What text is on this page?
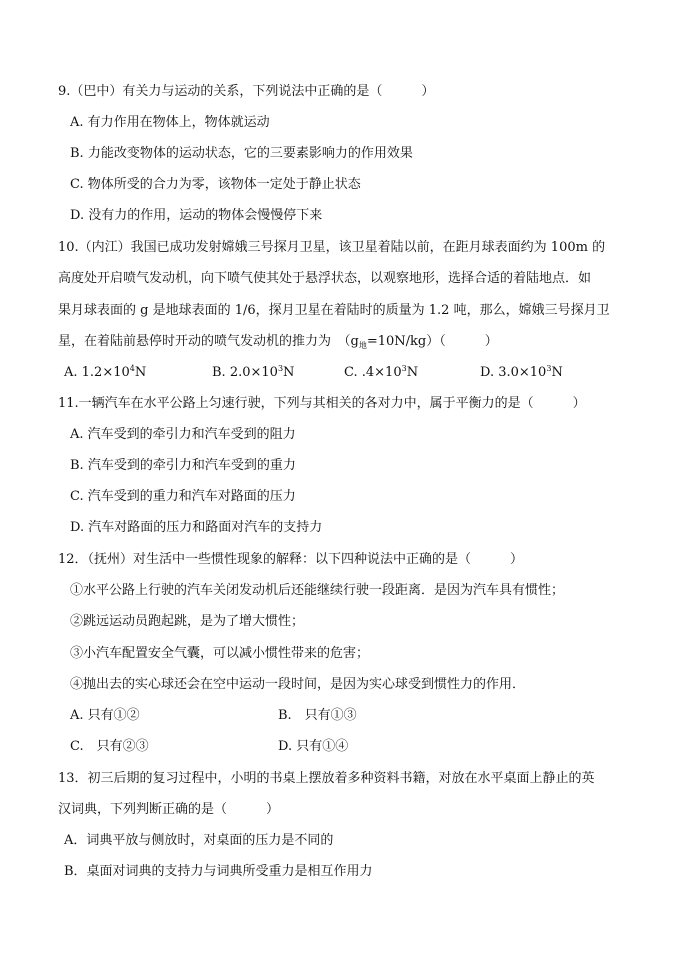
9.（巴中）有关力与运动的关系，下列说法中正确的是（　　　）
A. 有力作用在物体上，物体就运动
B. 力能改变物体的运动状态，它的三要素影响力的作用效果
C. 物体所受的合力为零，该物体一定处于静止状态
D. 没有力的作用，运动的物体会慢慢停下来
10.（内江）我国已成功发射嫦娥三号探月卫星，该卫星着陆以前，在距月球表面约为 100m 的
高度处开启喷气发动机，向下喷气使其处于悬浮状态，以观察地形，选择合适的着陆地点．如
果月球表面的 g 是地球表面的 1/6，探月卫星在着陆时的质量为 1.2 吨，那么，嫦娥三号探月卫
星，在着陆前悬停时开动的喷气发动机的推力为　$(g_地=10N/kg)$（　　　）
A. $1.2\times 10^4N$	B. $2.0\times 10^3N$	C. $.4\times 10^3N$	D. $3.0\times 10^3N$
11.一辆汽车在水平公路上匀速行驶，下列与其相关的各对力中，属于平衡力的是（　　　）
A. 汽车受到的牵引力和汽车受到的阻力
B. 汽车受到的牵引力和汽车受到的重力
C. 汽车受到的重力和汽车对路面的压力
D. 汽车对路面的压力和路面对汽车的支持力
12．（抚州）对生活中一些惯性现象的解释：以下四种说法中正确的是（　　　）
①水平公路上行驶的汽车关闭发动机后还能继续行驶一段距离．是因为汽车具有惯性；
②跳远运动员跑起跳，是为了增大惯性；
③小汽车配置安全气囊，可以减小惯性带来的危害；
④抛出去的实心球还会在空中运动一段时间，是因为实心球受到惯性力的作用．
A. 只有①②	B.　只有①③
C.　只有②③	D. 只有①④
13．初三后期的复习过程中，小明的书桌上摆放着多种资料书籍，对放在水平桌面上静止的英
汉词典，下列判断正确的是（　　　）
A．词典平放与侧放时，对桌面的压力是不同的
B．桌面对词典的支持力与词典所受重力是相互作用力
